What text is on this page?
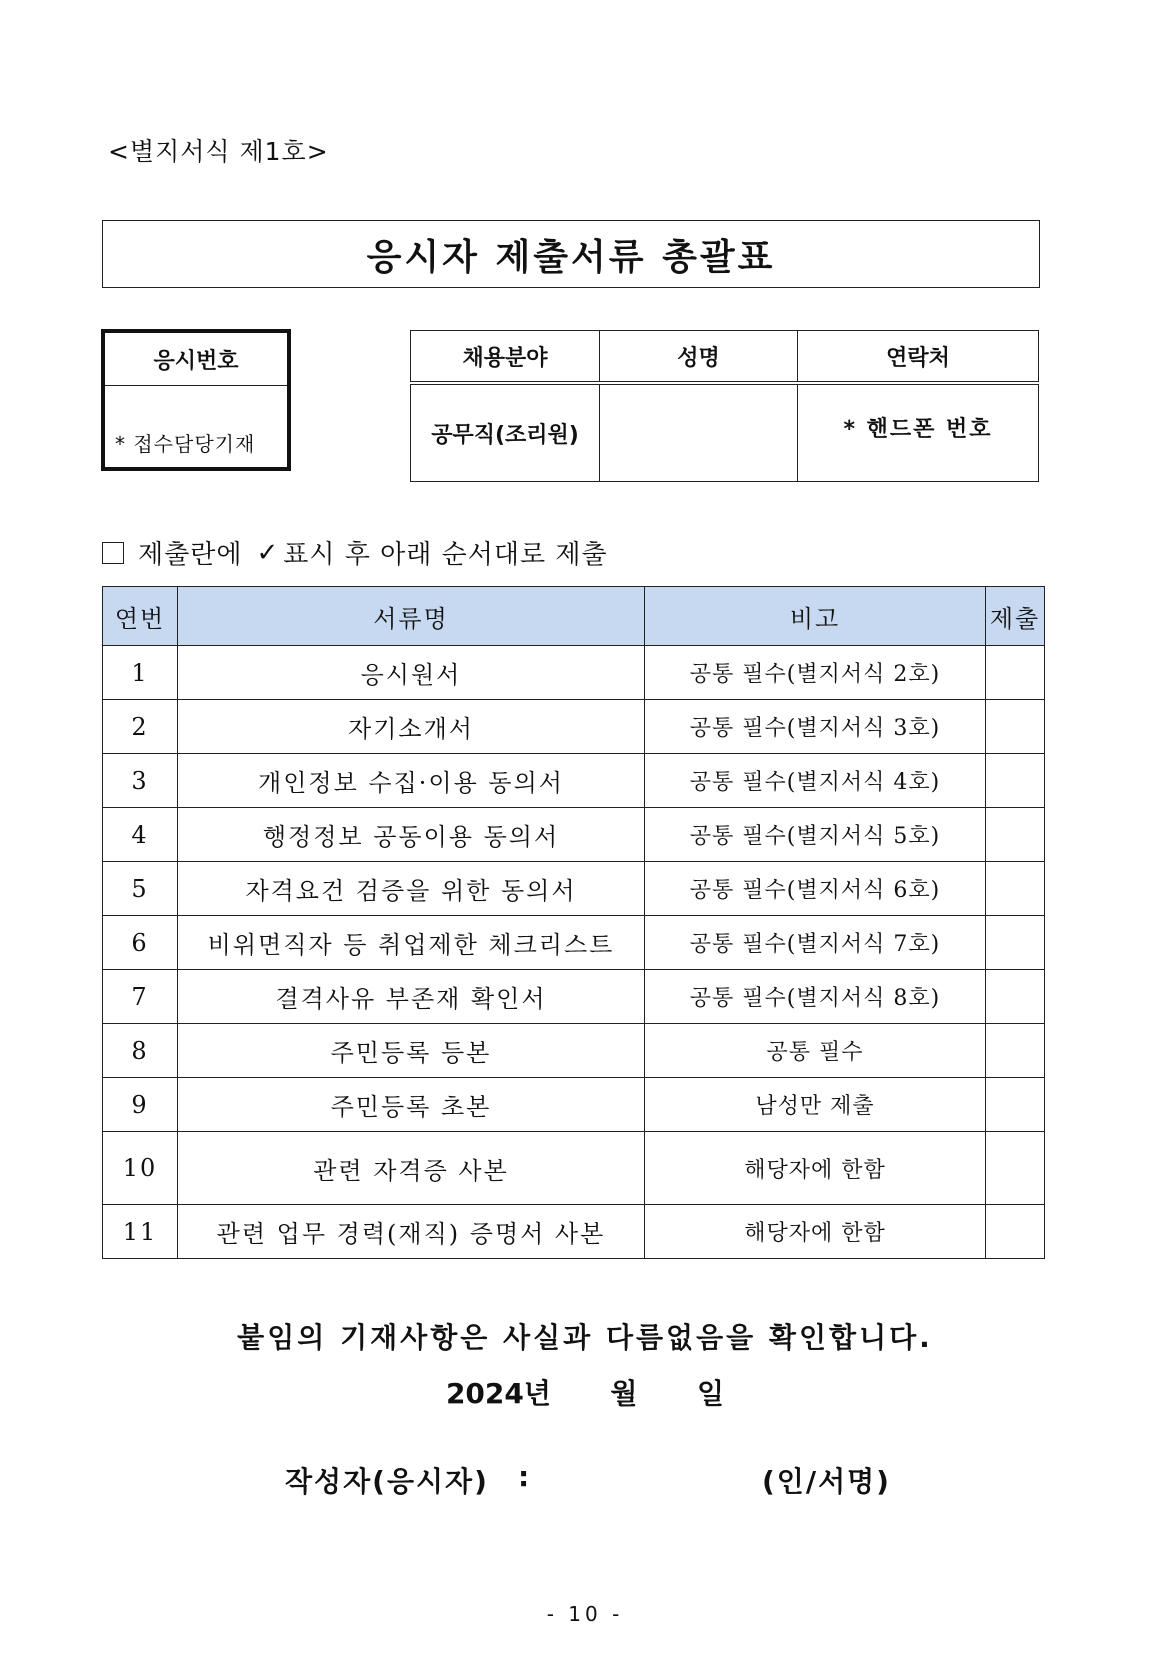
<별지서식 제1호>
응시자 제출서류 총괄표
응시번호
* 접수담당기재
채용분야	성명	연락처
공무직(조리원)		* 핸드폰 번호
제출란에 ✓ 표시 후 아래 순서대로 제출
연번	서류명	비고	제출
1	응시원서	공통 필수(별지서식 2호)	
2	자기소개서	공통 필수(별지서식 3호)	
3	개인정보 수집·이용 동의서	공통 필수(별지서식 4호)	
4	행정정보 공동이용 동의서	공통 필수(별지서식 5호)	
5	자격요건 검증을 위한 동의서	공통 필수(별지서식 6호)	
6	비위면직자 등 취업제한 체크리스트	공통 필수(별지서식 7호)	
7	결격사유 부존재 확인서	공통 필수(별지서식 8호)	
8	주민등록 등본	공통 필수	
9	주민등록 초본	남성만 제출	
10	관련 자격증 사본	해당자에 한함	
11	관련 업무 경력(재직) 증명서 사본	해당자에 한함	
붙임의 기재사항은 사실과 다름없음을 확인합니다.
2024년 월 일
작성자(응시자) :	(인/서명)
- 10 -
